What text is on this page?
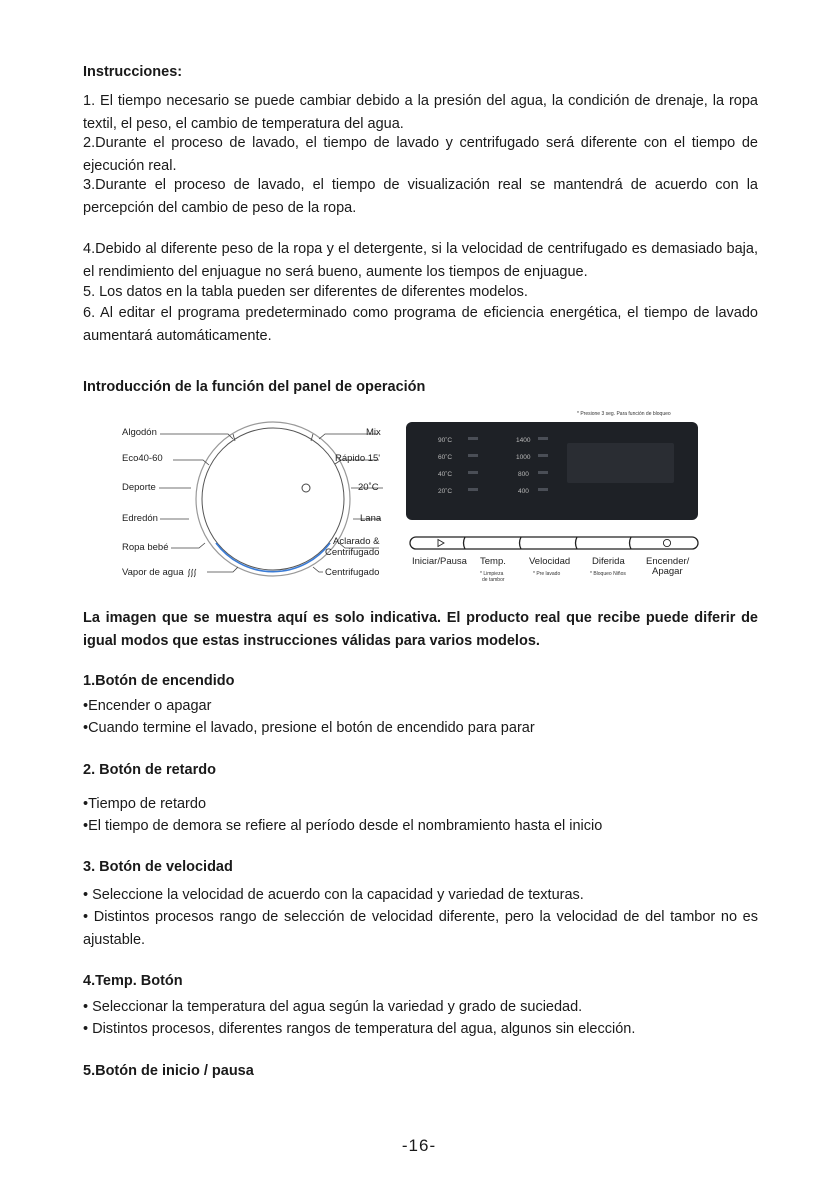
Instrucciones:

1. El tiempo necesario se puede cambiar debido a la presión del agua, la condición de drenaje, la ropa textil, el peso, el cambio de temperatura del agua.

2.Durante el proceso de lavado, el tiempo de lavado y centrifugado será diferente con el tiempo de ejecución real.

3.Durante el proceso de lavado, el tiempo de visualización real se mantendrá de acuerdo con la percepción del cambio de peso de la ropa.

4.Debido al diferente peso de la ropa y el detergente, si la velocidad de centrifugado es demasiado baja, el rendimiento del enjuague no será bueno, aumente los tiempos de enjuague.

5. Los datos en la tabla pueden ser diferentes de diferentes modelos.

6. Al editar el programa predeterminado como programa de eficiencia energética, el tiempo de lavado aumentará automáticamente.

Introducción de la función del panel de operación

90˚C
60˚C
40˚C
20˚C
1400
1000
800
400
Algodón
Eco40-60
Deporte
Edredón
Ropa bebé
Vapor de agua
Mix
Rápido 15'
20˚C
Lana
Aclarado &
Centrifugado
Centrifugado
* Presione 3 seg. Para función de bloqueo
Iniciar/Pausa Temp. Velocidad Diferida Encender/
Apagar
* Limpieza
de tambor
* Pre lavado	* Bloqueo Niños

La imagen que se muestra aquí es solo indicativa. El producto real que recibe puede diferir de igual modos que estas instrucciones válidas para varios modelos.

1.Botón de encendido

•Encender o apagar

•Cuando termine el lavado, presione el botón de encendido para parar

2. Botón de retardo

•Tiempo de retardo

•El tiempo de demora se refiere al período desde el nombramiento hasta el inicio

3. Botón de velocidad

• Seleccione la velocidad de acuerdo con la capacidad y variedad de texturas.

• Distintos procesos rango de selección de velocidad diferente, pero la velocidad de del tambor no es ajustable.

4.Temp. Botón

• Seleccionar la temperatura del agua según la variedad y grado de suciedad.

• Distintos procesos, diferentes rangos de temperatura del agua, algunos sin elección.

5.Botón de inicio / pausa

-16-
